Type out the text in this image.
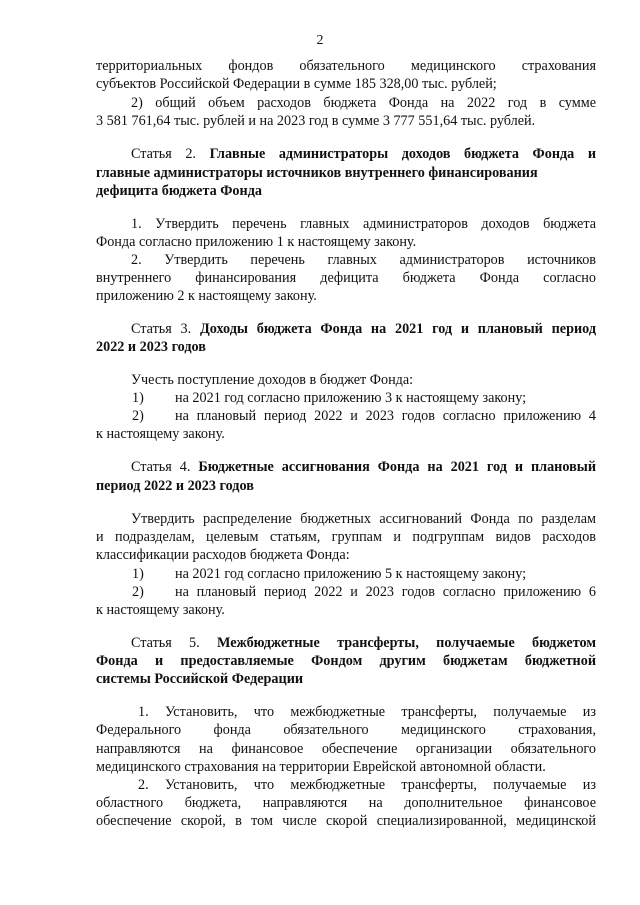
2
территориальных фондов обязательного медицинского страхования
субъектов Российской Федерации в сумме 185 328,00 тыс. рублей;
2) общий объем расходов бюджета Фонда на 2022 год в сумме
3 581 761,64 тыс. рублей и на 2023 год в сумме 3 777 551,64 тыс. рублей.
Статья 2. Главные администраторы доходов бюджета Фонда и
главные администраторы источников внутреннего финансирования
дефицита бюджета Фонда
1. Утвердить перечень главных администраторов доходов бюджета
Фонда согласно приложению 1 к настоящему закону.
2. Утвердить перечень главных администраторов источников
внутреннего финансирования дефицита бюджета Фонда согласно
приложению 2 к настоящему закону.
Статья 3. Доходы бюджета Фонда на 2021 год и плановый период
2022 и 2023 годов
Учесть поступление доходов в бюджет Фонда:
1) на 2021 год согласно приложению 3 к настоящему закону;
2) на плановый период 2022 и 2023 годов согласно приложению 4
к настоящему закону.
Статья 4. Бюджетные ассигнования Фонда на 2021 год и плановый
период 2022 и 2023 годов
Утвердить распределение бюджетных ассигнований Фонда по разделам
и подразделам, целевым статьям, группам и подгруппам видов расходов
классификации расходов бюджета Фонда:
1) на 2021 год согласно приложению 5 к настоящему закону;
2) на плановый период 2022 и 2023 годов согласно приложению 6
к настоящему закону.
Статья 5. Межбюджетные трансферты, получаемые бюджетом
Фонда и предоставляемые Фондом другим бюджетам бюджетной
системы Российской Федерации
1. Установить, что межбюджетные трансферты, получаемые из
Федерального фонда обязательного медицинского страхования,
направляются на финансовое обеспечение организации обязательного
медицинского страхования на территории Еврейской автономной области.
2. Установить, что межбюджетные трансферты, получаемые из
областного бюджета, направляются на дополнительное финансовое
обеспечение скорой, в том числе скорой специализированной, медицинской
